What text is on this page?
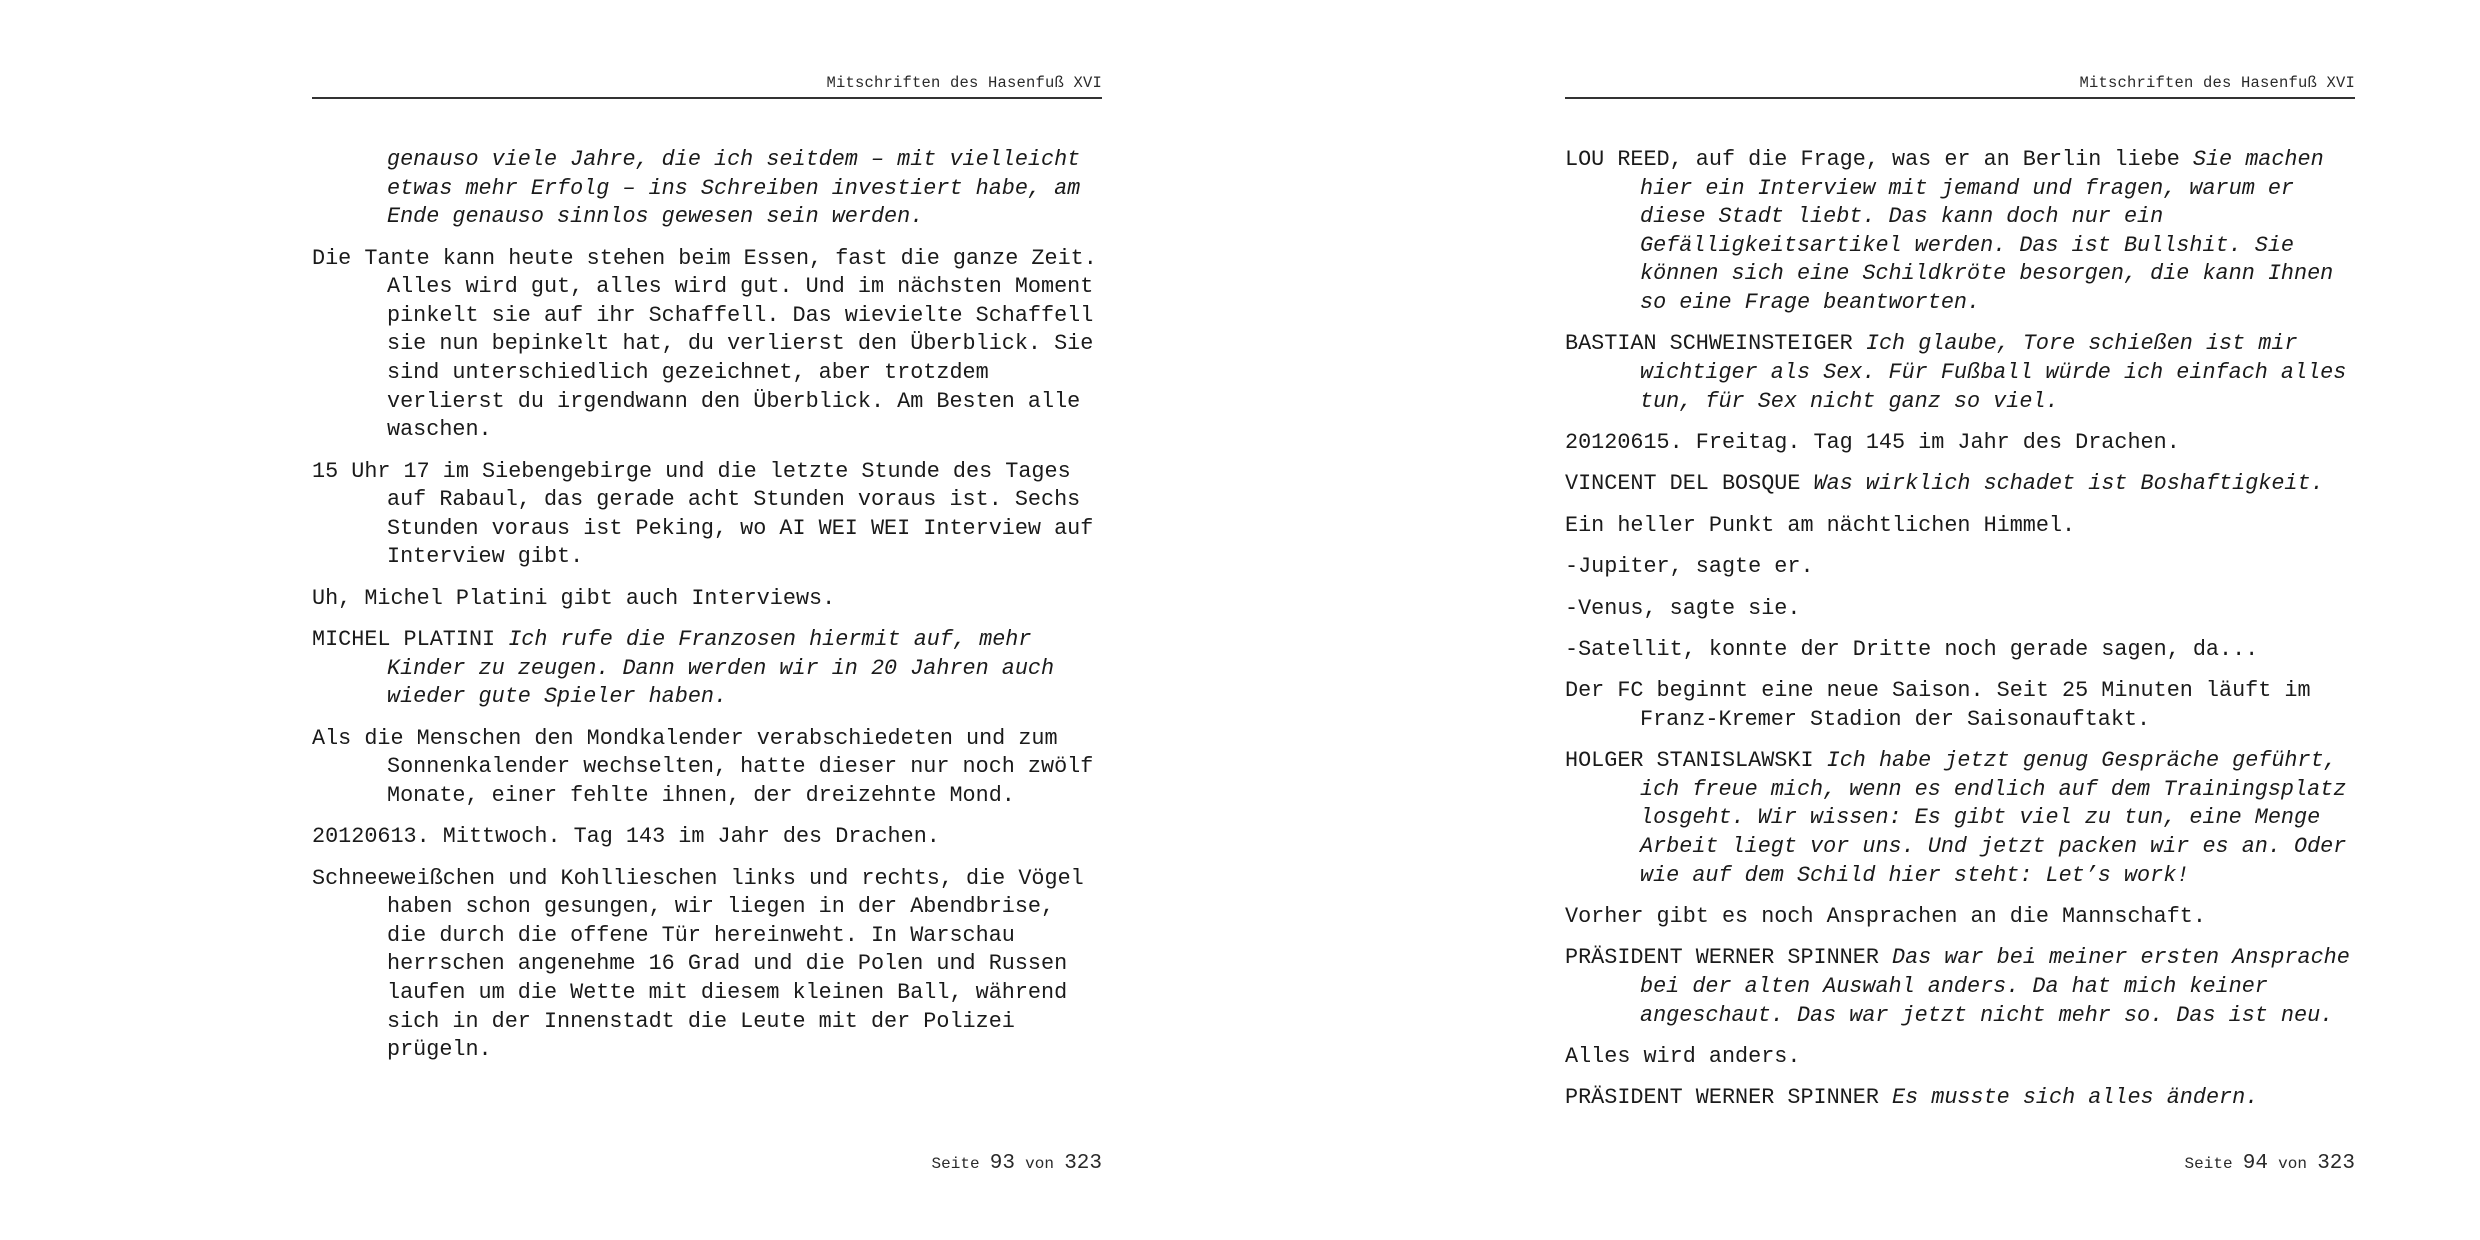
Mitschriften des Hasenfuß XVI

genauso viele Jahre, die ich seitdem – mit vielleicht etwas mehr Erfolg – ins Schreiben investiert habe, am Ende genauso sinnlos gewesen sein werden.

Die Tante kann heute stehen beim Essen, fast die ganze Zeit. Alles wird gut, alles wird gut. Und im nächsten Moment pinkelt sie auf ihr Schaffell. Das wievielte Schaffell sie nun bepinkelt hat, du verlierst den Überblick. Sie sind unterschiedlich gezeichnet, aber trotzdem verlierst du irgendwann den Überblick. Am Besten alle waschen.

15 Uhr 17 im Siebengebirge und die letzte Stunde des Tages auf Rabaul, das gerade acht Stunden voraus ist. Sechs Stunden voraus ist Peking, wo AI WEI WEI Interview auf Interview gibt.

Uh, Michel Platini gibt auch Interviews.

MICHEL PLATINI Ich rufe die Franzosen hiermit auf, mehr Kinder zu zeugen. Dann werden wir in 20 Jahren auch wieder gute Spieler haben.

Als die Menschen den Mondkalender verabschiedeten und zum Sonnenkalender wechselten, hatte dieser nur noch zwölf Monate, einer fehlte ihnen, der dreizehnte Mond.

20120613. Mittwoch. Tag 143 im Jahr des Drachen.

Schneeweißchen und Kohllieschen links und rechts, die Vögel haben schon gesungen, wir liegen in der Abendbrise, die durch die offene Tür hereinweht. In Warschau herrschen angenehme 16 Grad und die Polen und Russen laufen um die Wette mit diesem kleinen Ball, während sich in der Innenstadt die Leute mit der Polizei prügeln.

Seite 93 von 323
Mitschriften des Hasenfuß XVI

LOU REED, auf die Frage, was er an Berlin liebe Sie machen hier ein Interview mit jemand und fragen, warum er diese Stadt liebt. Das kann doch nur ein Gefälligkeitsartikel werden. Das ist Bullshit. Sie können sich eine Schildkröte besorgen, die kann Ihnen so eine Frage beantworten.

BASTIAN SCHWEINSTEIGER Ich glaube, Tore schießen ist mir wichtiger als Sex. Für Fußball würde ich einfach alles tun, für Sex nicht ganz so viel.

20120615. Freitag. Tag 145 im Jahr des Drachen.

VINCENT DEL BOSQUE Was wirklich schadet ist Boshaftigkeit.

Ein heller Punkt am nächtlichen Himmel.

-Jupiter, sagte er.

-Venus, sagte sie.

-Satellit, konnte der Dritte noch gerade sagen, da...

Der FC beginnt eine neue Saison. Seit 25 Minuten läuft im Franz-Kremer Stadion der Saisonauftakt.

HOLGER STANISLAWSKI Ich habe jetzt genug Gespräche geführt, ich freue mich, wenn es endlich auf dem Trainingsplatz losgeht. Wir wissen: Es gibt viel zu tun, eine Menge Arbeit liegt vor uns. Und jetzt packen wir es an. Oder wie auf dem Schild hier steht: Let’s work!

Vorher gibt es noch Ansprachen an die Mannschaft.

PRÄSIDENT WERNER SPINNER Das war bei meiner ersten Ansprache bei der alten Auswahl anders. Da hat mich keiner angeschaut. Das war jetzt nicht mehr so. Das ist neu.

Alles wird anders.

PRÄSIDENT WERNER SPINNER Es musste sich alles ändern.

Seite 94 von 323
